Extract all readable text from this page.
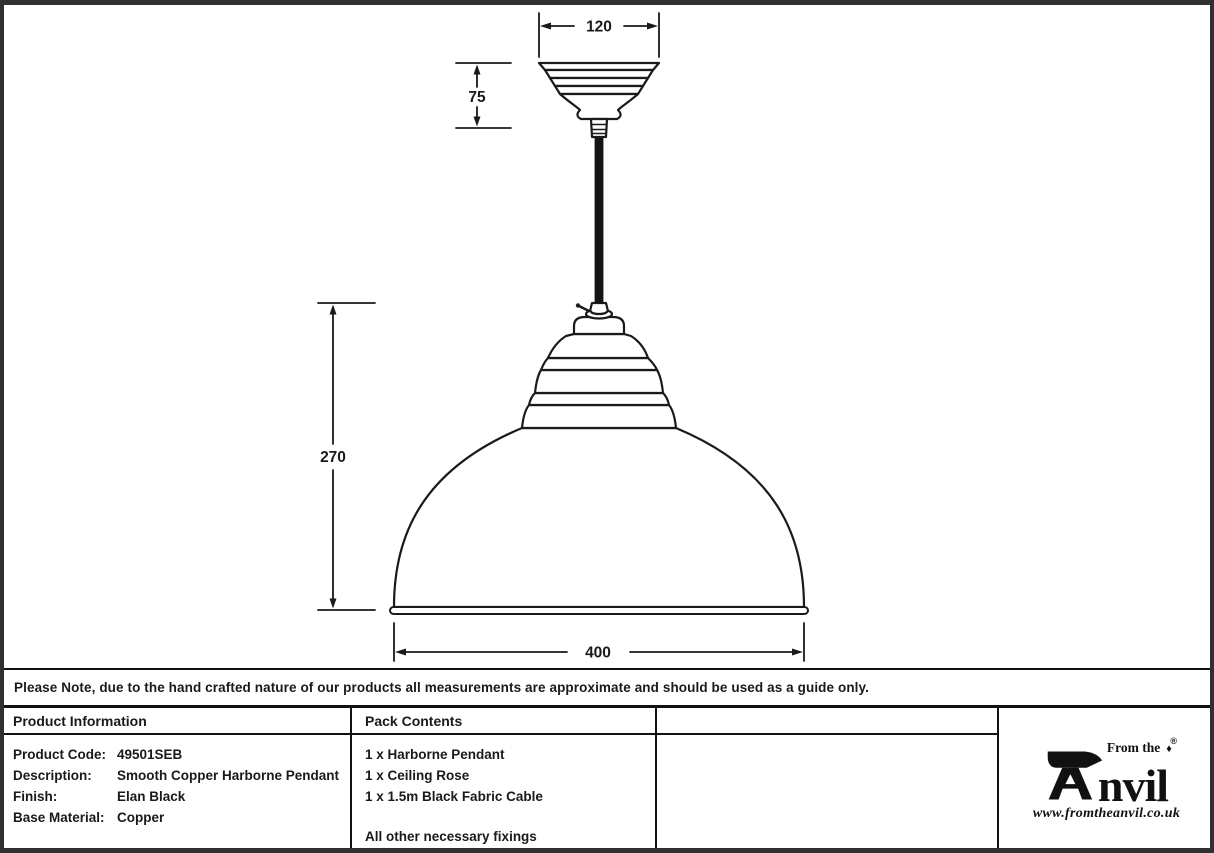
120
75
270
400
Please Note, due to the hand crafted nature of our products all measurements are approximate and should be used as a guide only.
Product Information
Product Code: 49501SEB
Description:	Smooth Copper Harborne Pendant
Finish:	Elan Black
Base Material: Copper
Pack Contents
1 x Harborne Pendant
1 x Ceiling Rose
1 x 1.5m Black Fabric Cable
All other necessary fixings
nvil
From the ♦
®
www.fromtheanvil.co.uk
